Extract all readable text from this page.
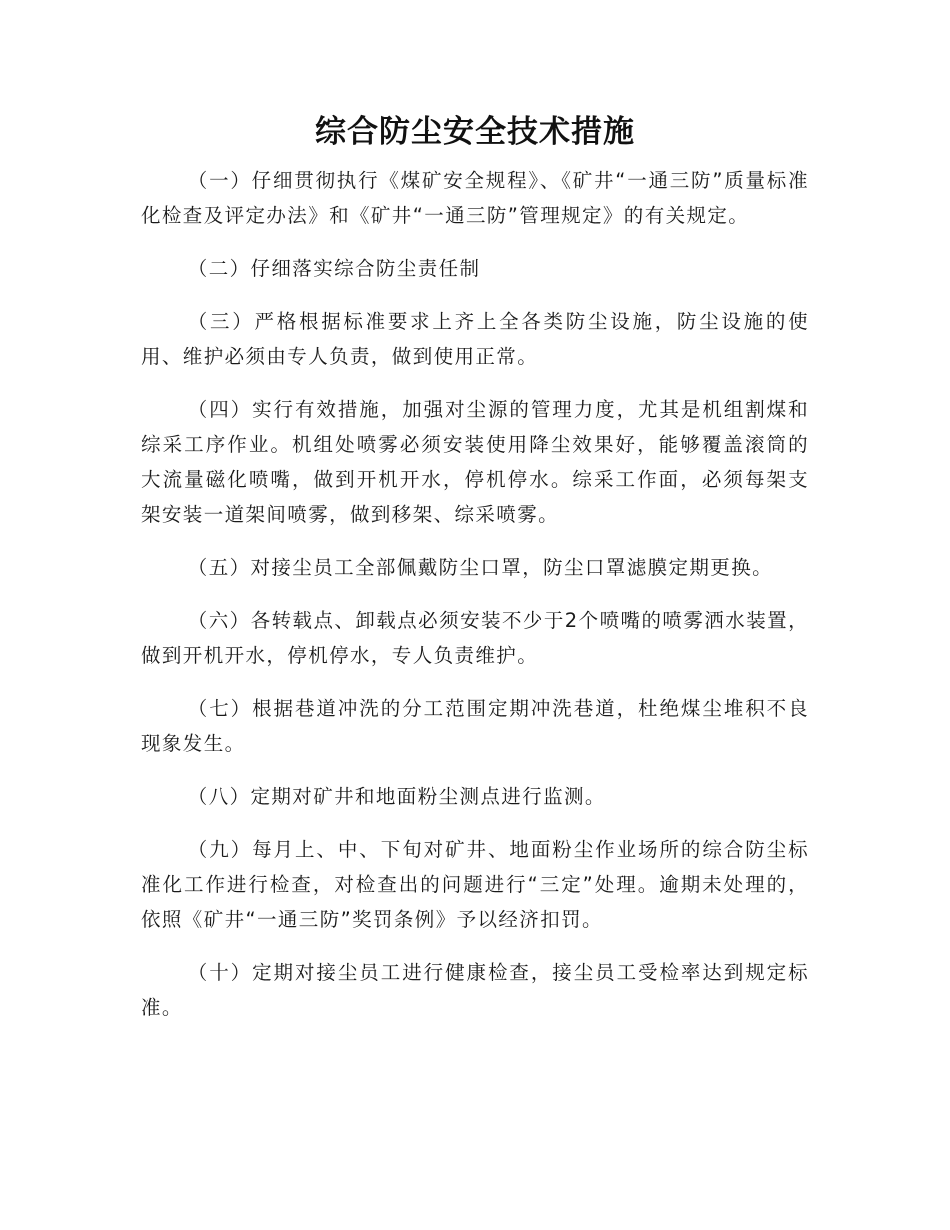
综合防尘安全技术措施

（一）仔细贯彻执行《煤矿安全规程》、《矿井“一通三防”质量标准化检查及评定办法》和《矿井“一通三防”管理规定》的有关规定。

（二）仔细落实综合防尘责任制

（三）严格根据标准要求上齐上全各类防尘设施，防尘设施的使用、维护必须由专人负责，做到使用正常。

（四）实行有效措施，加强对尘源的管理力度，尤其是机组割煤和综采工序作业。机组处喷雾必须安装使用降尘效果好，能够覆盖滚筒的大流量磁化喷嘴，做到开机开水，停机停水。综采工作面，必须每架支架安装一道架间喷雾，做到移架、综采喷雾。

（五）对接尘员工全部佩戴防尘口罩，防尘口罩滤膜定期更换。

（六）各转载点、卸载点必须安装不少于2个喷嘴的喷雾洒水装置，做到开机开水，停机停水，专人负责维护。

（七）根据巷道冲洗的分工范围定期冲洗巷道，杜绝煤尘堆积不良现象发生。

（八）定期对矿井和地面粉尘测点进行监测。

（九）每月上、中、下旬对矿井、地面粉尘作业场所的综合防尘标准化工作进行检查，对检查出的问题进行“三定”处理。逾期未处理的，依照《矿井“一通三防”奖罚条例》予以经济扣罚。

（十）定期对接尘员工进行健康检查，接尘员工受检率达到规定标准。
